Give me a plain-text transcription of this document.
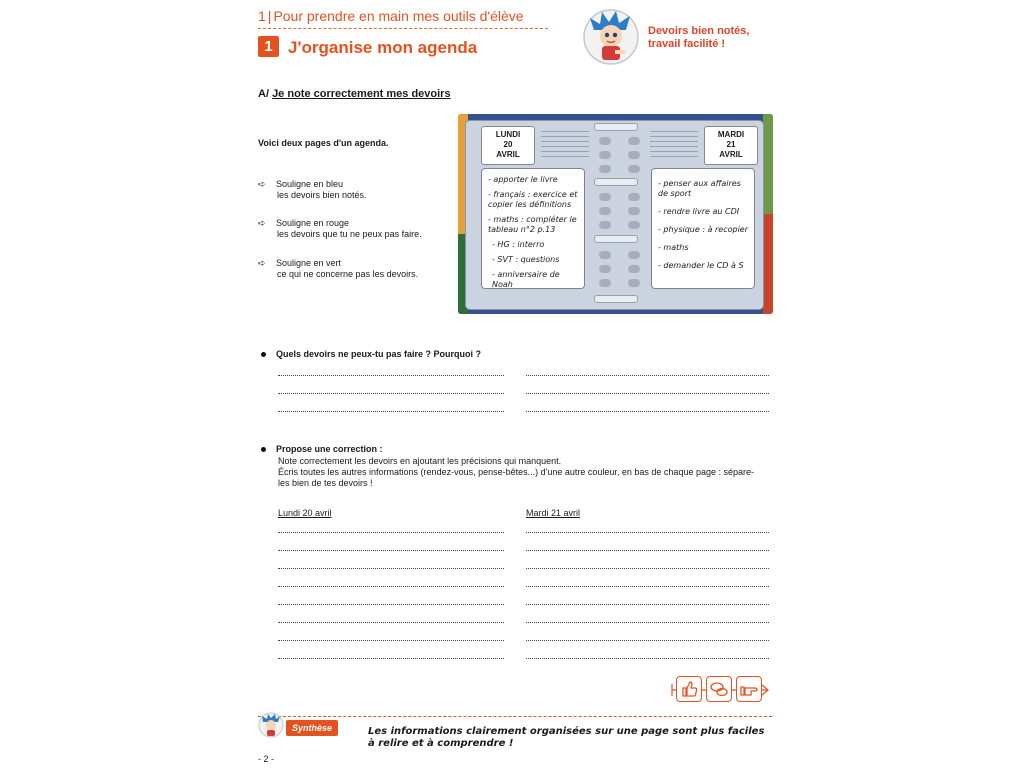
1 | Pour prendre en main mes outils d'élève
1 J'organise mon agenda
Devoirs bien notés,
travail facilité !
A/ Je note correctement mes devoirs
Voici deux pages d'un agenda.
➪ Souligne en bleu
les devoirs bien notés.
➪ Souligne en rouge
les devoirs que tu ne peux pas faire.
➪ Souligne en vert
ce qui ne concerne pas les devoirs.
LUNDI
20
AVRIL
MARDI
21
AVRIL
- apporter le livre
- français : exercice et copier les définitions
- maths : compléter le tableau n°2 p.13
- HG : interro
- SVT : questions
- anniversaire de Noah
- penser aux affaires de sport
- rendre livre au CDI
- physique : à recopier
- maths
- demander le CD à S
Quels devoirs ne peux-tu pas faire ? Pourquoi ?
Propose une correction :
Note correctement les devoirs en ajoutant les précisions qui manquent.
Écris toutes les autres informations (rendez-vous, pense-bêtes...) d'une autre couleur, en bas de chaque page : sépare-
les bien de tes devoirs !
Lundi 20 avril	Mardi 21 avril
Synthèse	Les informations clairement organisées sur une page sont plus faciles
à relire et à comprendre !
- 2 -
